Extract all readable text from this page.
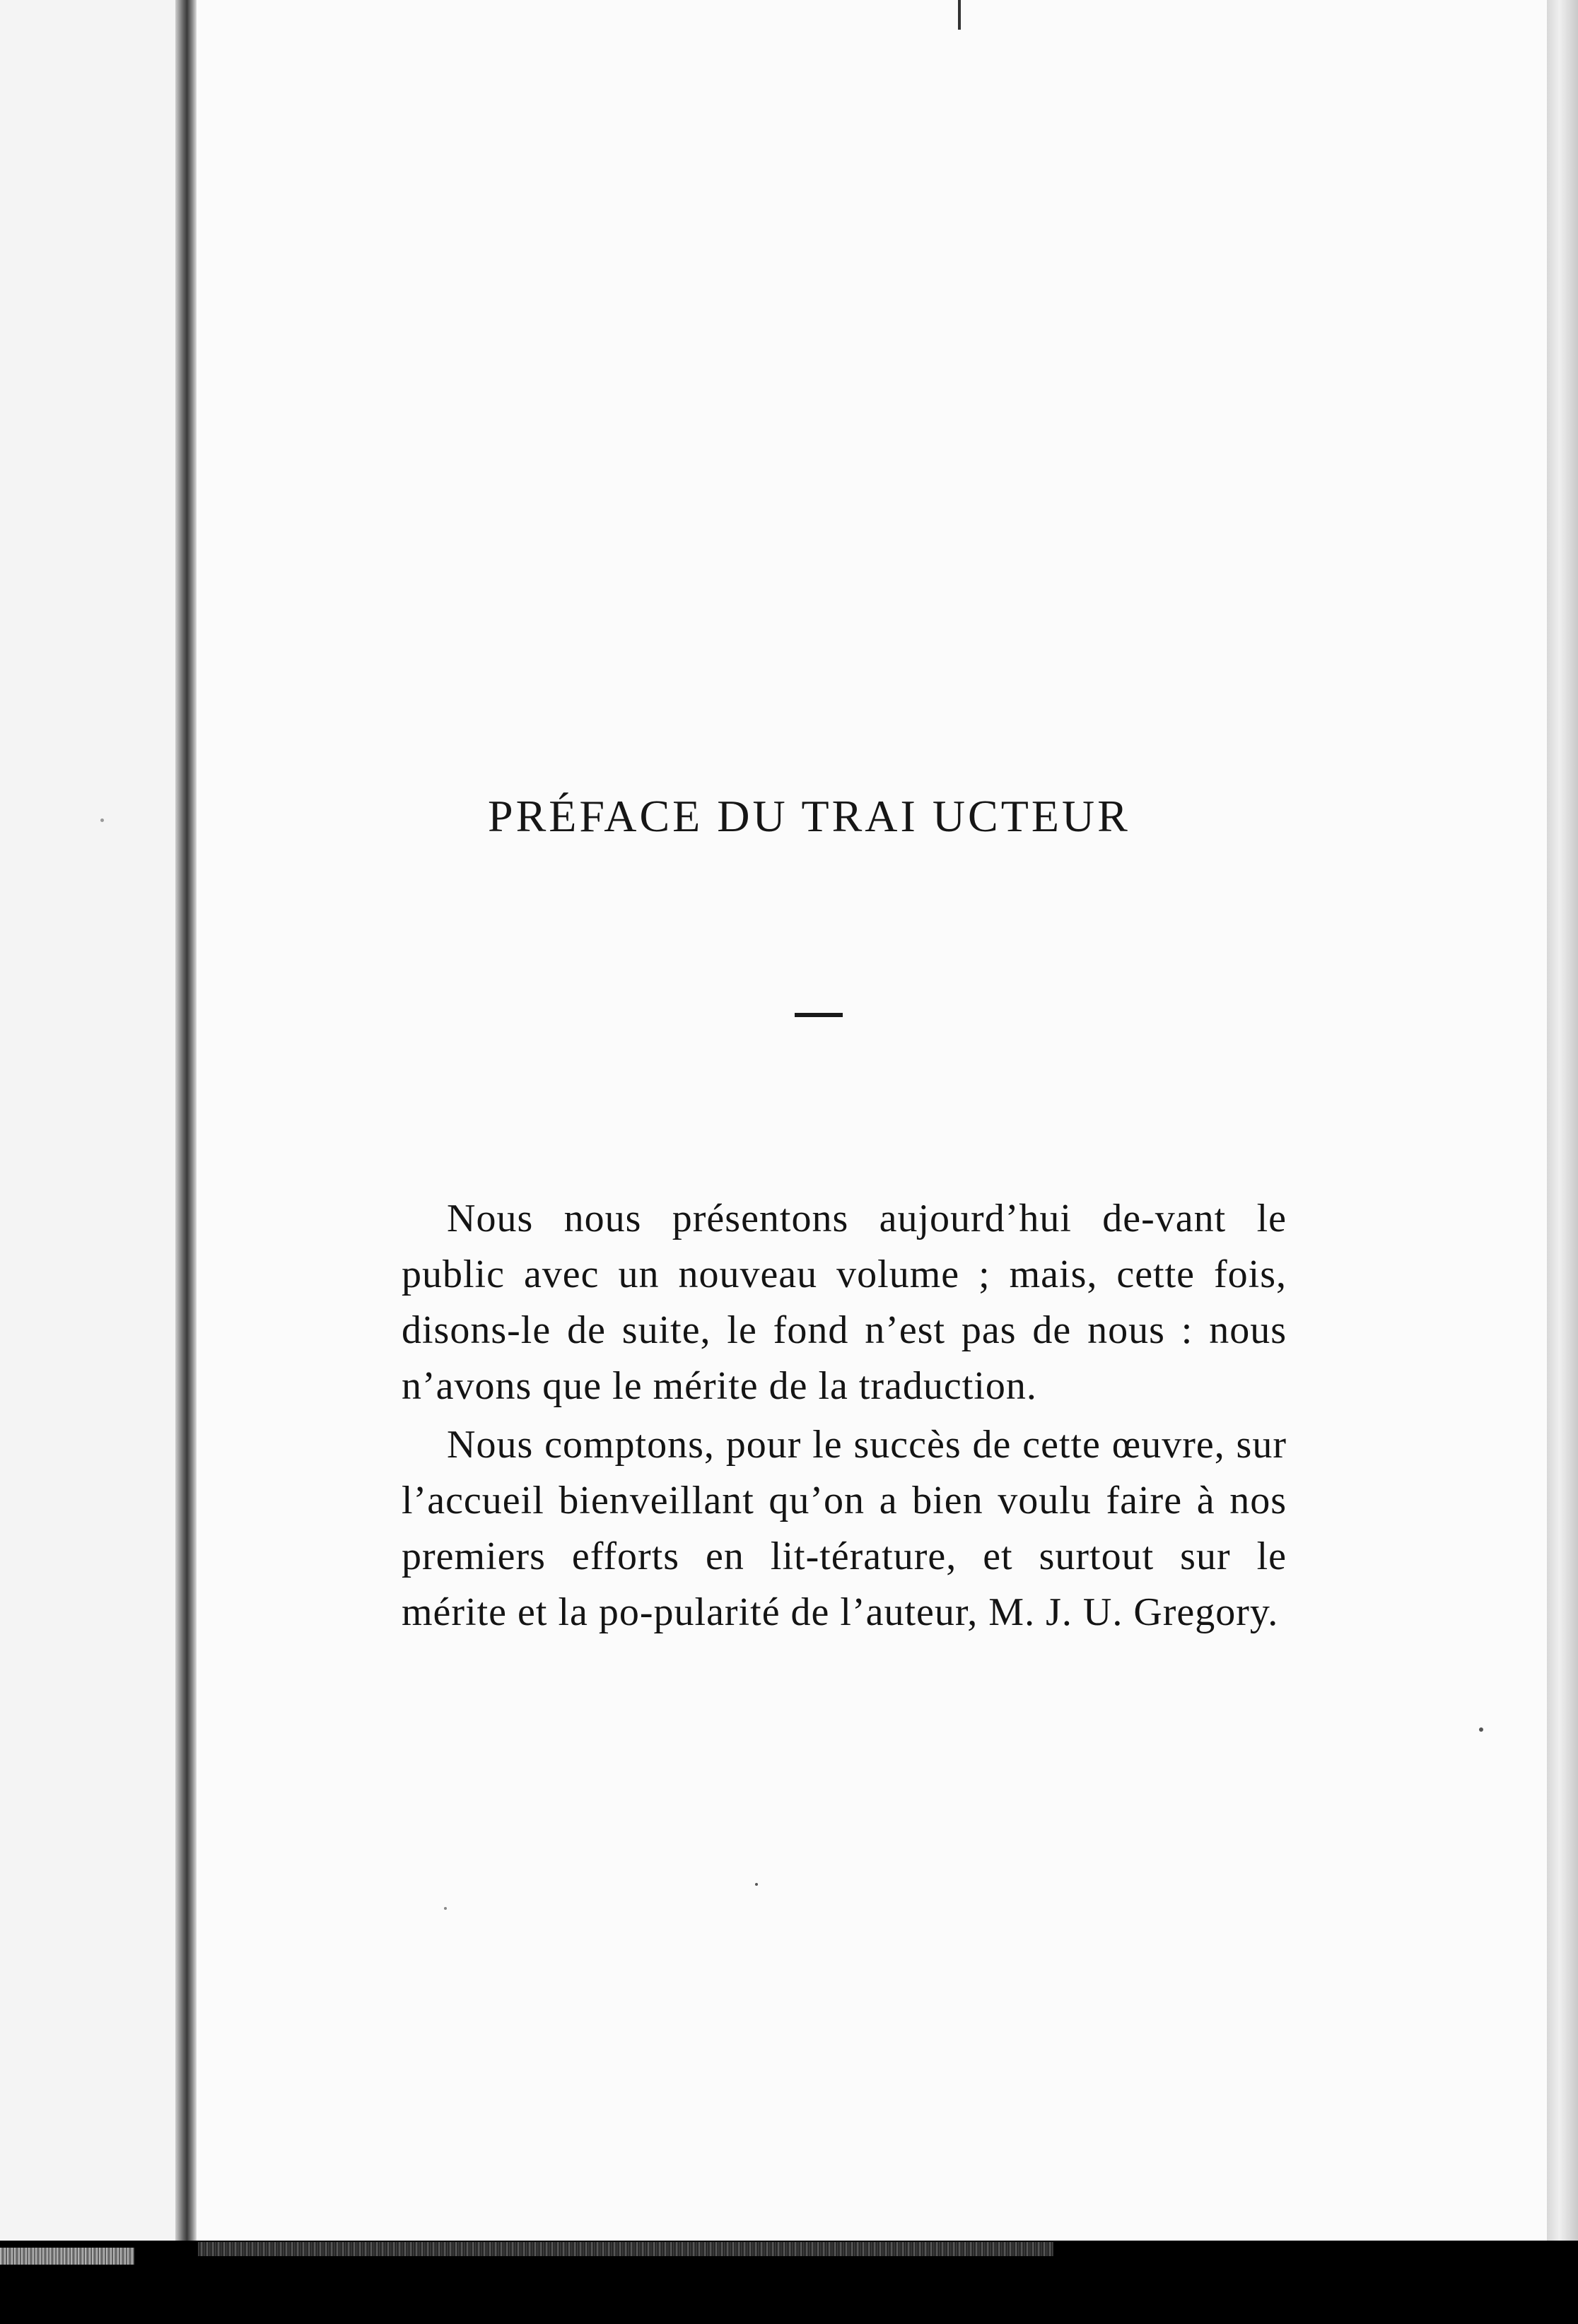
PRÉFACE DU TRAI UCTEUR

Nous nous présentons aujourd’hui de-vant le public avec un nouveau volume ; mais, cette fois, disons-le de suite, le fond n’est pas de nous : nous n’avons que le mérite de la traduction.

Nous comptons, pour le succès de cette œuvre, sur l’accueil bienveillant qu’on a bien voulu faire à nos premiers efforts en lit-térature, et surtout sur le mérite et la po-pularité de l’auteur, M. J. U. Gregory.
